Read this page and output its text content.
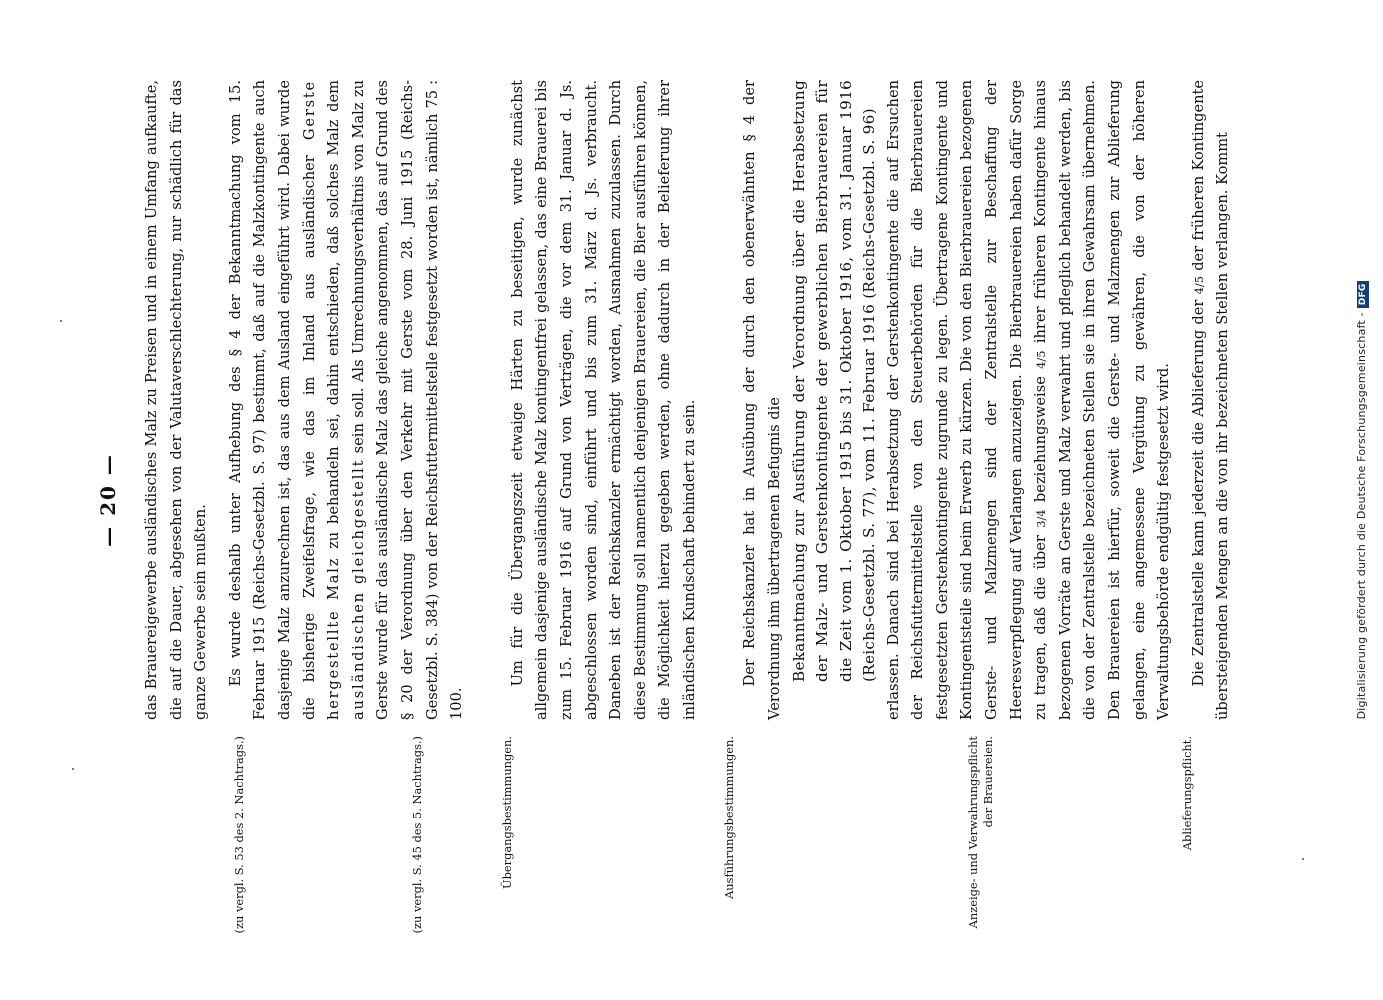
— 20 — das Brauereigewerbe ausländisches Malz zu Preisen und in einem Umfang aufkaufte, die auf die Dauer, abgesehen von der Valutaverschlechterung, nur schädlich für das ganze Gewerbe sein mußten.	Es wurde deshalb unter Aufhebung des § 4 der Bekanntmachung vom 15. Februar 1915 (Reichs-Gesetzbl. S. 97) bestimmt, daß auf die Malzkontingente auch dasjenige Malz anzurechnen ist, das aus dem Ausland eingeführt wird. Dabei wurde die bisherige Zweifelsfrage, wie das im Inland aus ausländischer Gerste hergestellte Malz zu behandeln sei, dahin entschieden, daß solches Malz dem ausländischen gleichgestellt sein soll. Als Umrechnungsverhältnis von Malz zu Gerste wurde für das ausländische Malz das gleiche angenommen, das auf Grund des § 20 der Verordnung über den Verkehr mit Gerste vom 28. Juni 1915 (Reichs-Gesetzbl. S. 384) von der Reichsfuttermittelstelle festgesetzt worden ist, nämlich 75 : 100.

Um für die Übergangszeit etwaige Härten zu beseitigen, wurde zunächst allgemein dasjenige ausländische Malz kontingentfrei gelassen, das eine Brauerei bis zum 15. Februar 1916 auf Grund von Verträgen, die vor dem 31. Januar d. Js. abgeschlossen worden sind, einführt und bis zum 31. März d. Js. verbraucht. Daneben ist der Reichskanzler ermächtigt worden, Ausnahmen zuzulassen. Durch diese Bestimmung soll namentlich denjenigen Brauereien, die Bier ausführen können, die Möglichkeit hierzu gegeben werden, ohne dadurch in der Belieferung ihrer inländischen Kundschaft behindert zu sein.	Der Reichskanzler hat in Ausübung der durch den obenerwähnten § 4 der Verordnung ihm übertragenen Befugnis die Bekanntmachung zur Ausführung der Verordnung über die Herabsetzung der Malz- und Gerstenkontingente der gewerblichen Bierbrauereien für die Zeit vom 1. Oktober 1915 bis 31. Oktober 1916, vom 31. Januar 1916 (Reichs-Gesetzbl. S. 77), vom 11. Februar 1916 (Reichs-Gesetzbl. S. 96) erlassen. Danach sind bei Herabsetzung der Gerstenkontingente die auf Ersuchen der Reichsfuttermittelstelle von den Steuerbehörden für die Bierbrauereien festgesetzten Gerstenkontingente zugrunde zu legen. Übertragene Kontingente und Kontingentsteile sind beim Erwerb zu kürzen. Die von den Bierbrauereien bezogenen Gerste- und Malzmengen sind der Zentralstelle zur Beschaffung der Heeresverpflegung auf Verlangen anzuzeigen. Die Bierbrauereien haben dafür Sorge zu tragen, daß die über 3/4 beziehungsweise 4/5 ihrer früheren Kontingente hinaus bezogenen Vorräte an Gerste und Malz verwahrt und pfleglich behandelt werden, bis die von der Zentralstelle bezeichneten Stellen sie in ihren Gewahrsam übernehmen. Den Brauereien ist hierfür, soweit die Gerste- und Malzmengen zur Ablieferung gelangen, eine angemessene Vergütung zu gewähren, die von der höheren Verwaltungsbehörde endgültig festgesetzt wird.	Die Zentralstelle kann jederzeit die Ablieferung der 4/5 der früheren Kontingente übersteigenden Mengen an die von ihr bezeichneten Stellen verlangen. Kommt

(zu vergl. S. 53 des 2. Nachtrags.)	(zu vergl. S. 45 des 5. Nachtrags.)	Übergangsbestimmungen.	Ausführungsbestimmungen.	Anzeige- und Verwahrungspflicht der Brauereien.	Ablieferungspflicht.
Digitalisierung gefördert durch die Deutsche Forschungsgemeinschaft -DFG
